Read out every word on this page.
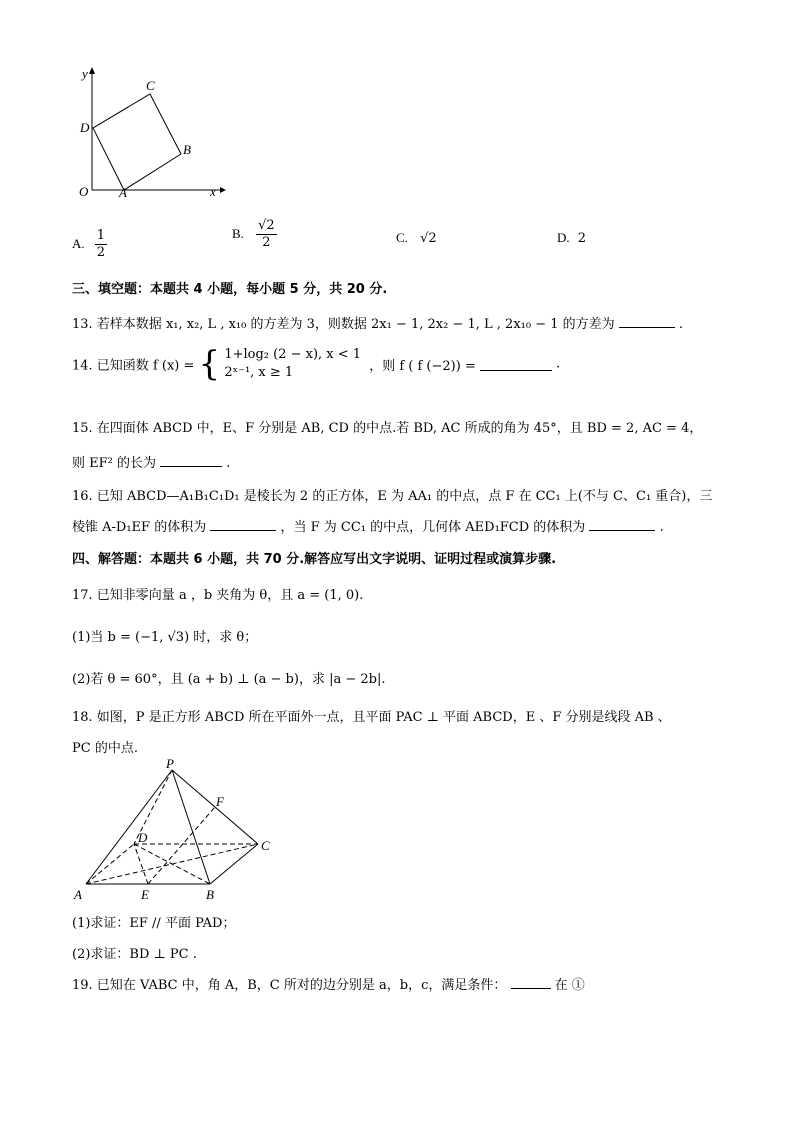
y
x
O A
B
C
D
A. $\frac{1}{2}$	B. $\frac{√2}{2}$	C. √2	D. 2
三、填空题：本题共 4 小题，每小题 5 分，共 20 分.
13. 若样本数据 x₁, x₂, L , x₁₀ 的方差为 3，则数据 2x₁ − 1, 2x₂ − 1, L , 2x₁₀ − 1 的方差为	.
14. 已知函数 f (x) = { 1+log₂ (2 − x), x < 1
2ˣ⁻¹, x ≥ 1	，则 f ( f (−2)) =	.
15. 在四面体 ABCD 中，E、F 分别是 AB, CD 的中点.若 BD, AC 所成的角为 45°，且 BD = 2, AC = 4，
则 EF² 的长为	.
16. 已知 ABCD—A₁B₁C₁D₁ 是棱长为 2 的正方体，E 为 AA₁ 的中点，点 F 在 CC₁ 上(不与 C、C₁ 重合)，三
棱锥 A-D₁EF 的体积为	，当 F 为 CC₁ 的中点，几何体 AED₁FCD 的体积为	.
四、解答题：本题共 6 小题，共 70 分.解答应写出文字说明、证明过程或演算步骤.
17. 已知非零向量 a ，b 夹角为 θ，且 a = (1, 0).
(1)当 b = (−1, √3) 时，求 θ；
(2)若 θ = 60°，且 (a + b) ⊥ (a − b)，求 |a − 2b|.
18. 如图，P 是正方形 ABCD 所在平面外一点，且平面 PAC ⊥ 平面 ABCD，E 、F 分别是线段 AB 、
PC 的中点.
P
F
D
C
A	E	B
(1)求证：EF // 平面 PAD；
(2)求证：BD ⊥ PC .
19. 已知在 VABC 中，角 A，B，C 所对的边分别是 a，b，c，满足条件：	在 ①
